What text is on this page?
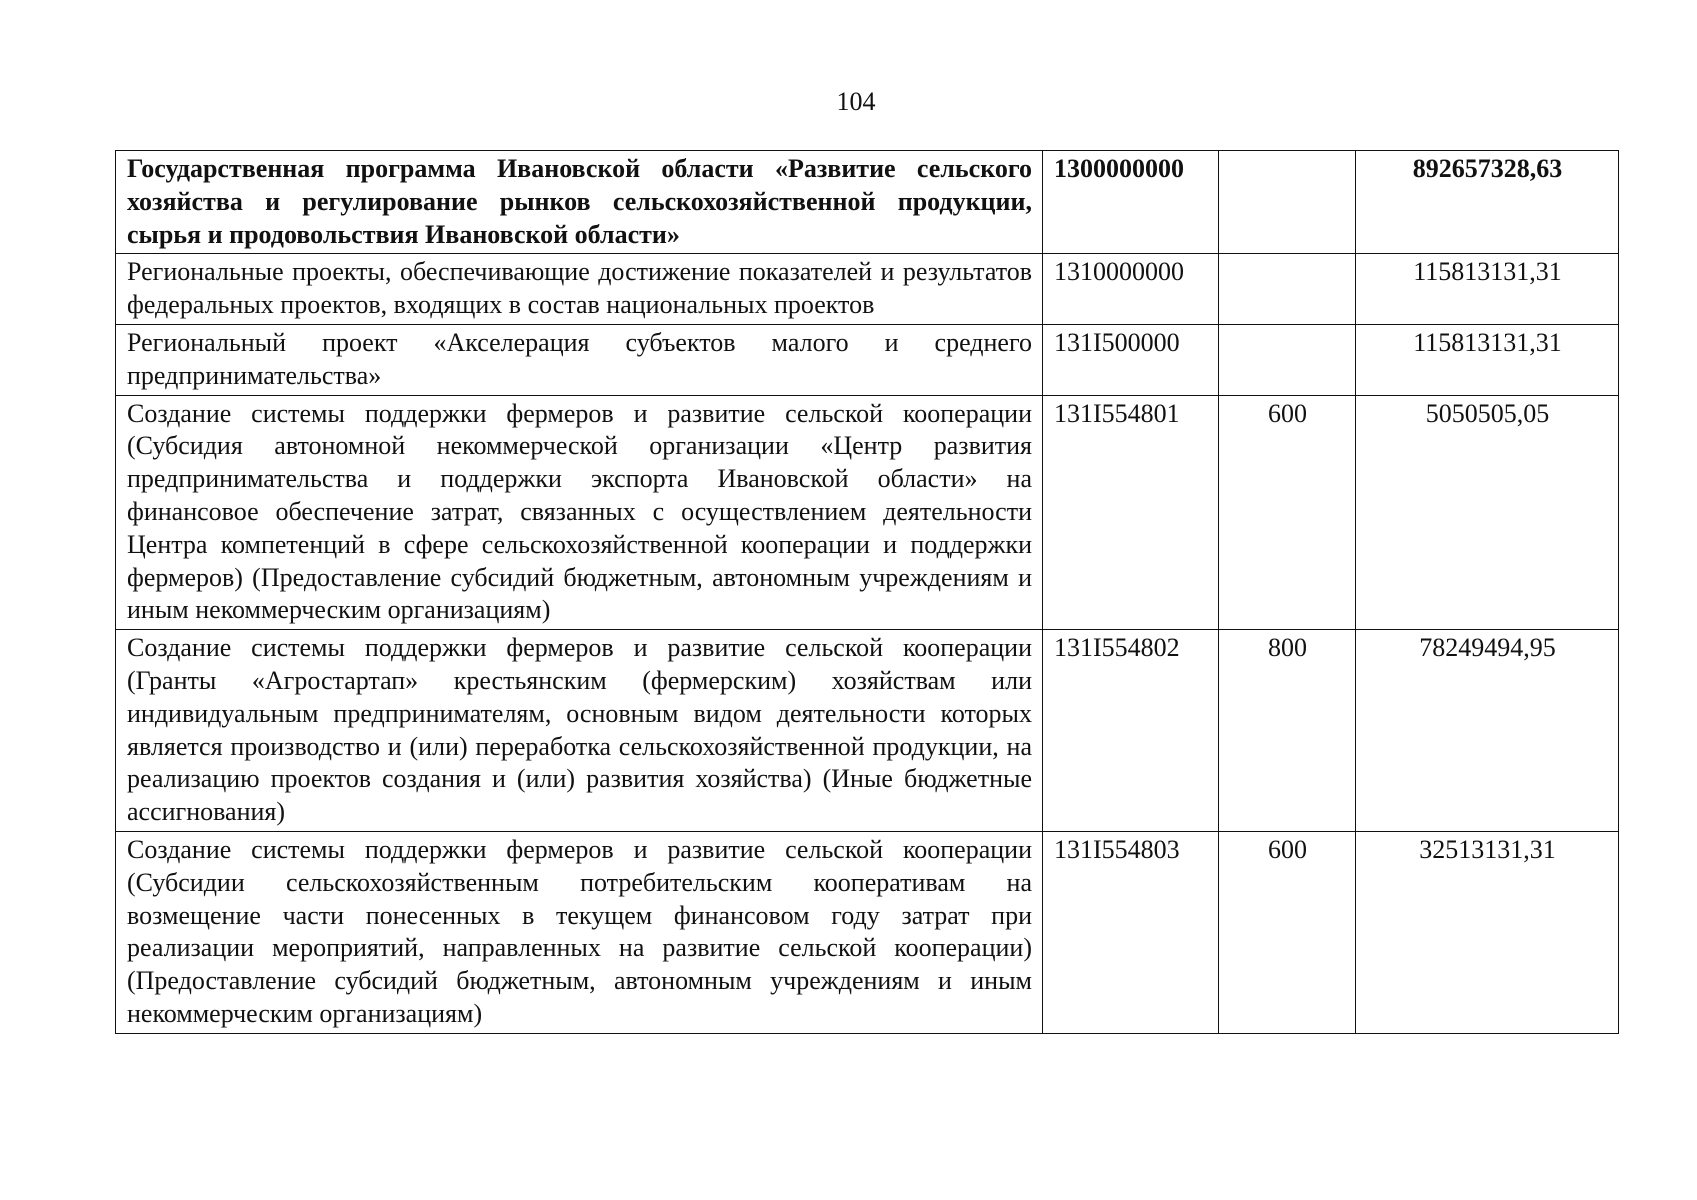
104
Государственная программа Ивановской области «Развитие сельского хозяйства и регулирование рынков сельскохозяйственной продукции, сырья и продовольствия Ивановской области»	1300000000		892657328,63
Региональные проекты, обеспечивающие достижение показателей и результатов федеральных проектов, входящих в состав национальных проектов	1310000000		115813131,31
Региональный проект «Акселерация субъектов малого и среднего предпринимательства»	131I500000		115813131,31
Создание системы поддержки фермеров и развитие сельской кооперации (Субсидия автономной некоммерческой организации «Центр развития предпринимательства и поддержки экспорта Ивановской области» на финансовое обеспечение затрат, связанных с осуществлением деятельности Центра компетенций в сфере сельскохозяйственной кооперации и поддержки фермеров) (Предоставление субсидий бюджетным, автономным учреждениям и иным некоммерческим организациям)	131I554801	600	5050505,05
Создание системы поддержки фермеров и развитие сельской кооперации (Гранты «Агростартап» крестьянским (фермерским) хозяйствам или индивидуальным предпринимателям, основным видом деятельности которых является производство и (или) переработка сельскохозяйственной продукции, на реализацию проектов создания и (или) развития хозяйства) (Иные бюджетные ассигнования)	131I554802	800	78249494,95
Создание системы поддержки фермеров и развитие сельской кооперации (Субсидии сельскохозяйственным потребительским кооперативам на возмещение части понесенных в текущем финансовом году затрат при реализации мероприятий, направленных на развитие сельской кооперации) (Предоставление субсидий бюджетным, автономным учреждениям и иным некоммерческим организациям)	131I554803	600	32513131,31
